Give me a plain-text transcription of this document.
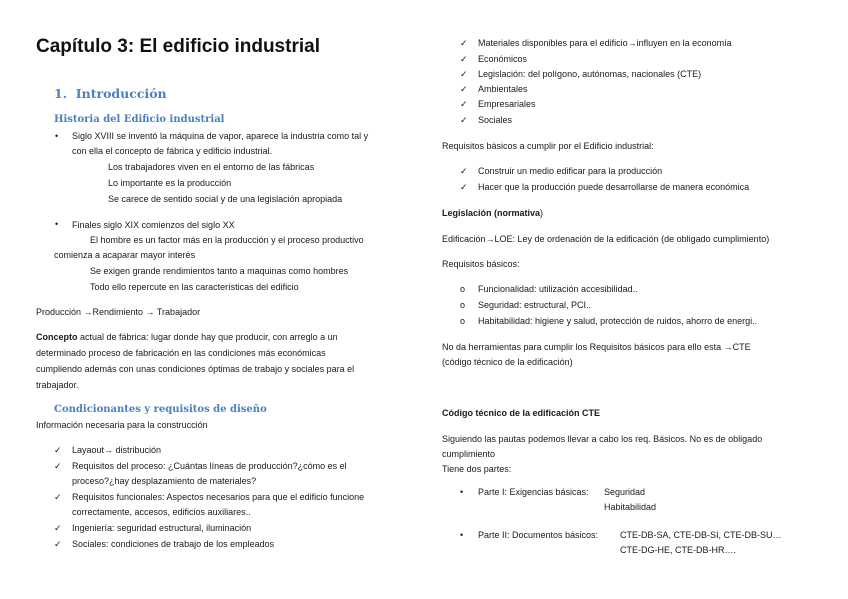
Capítulo 3: El edificio industrial
1. Introducción
Historia del Edificio industrial
• Siglo XVIII se inventó la máquina de vapor, aparece la industria como tal y
con ella el concepto de fábrica y edificio industrial.
Los trabajadores viven en el entorno de las fábricas
Lo importante es la producción
Se carece de sentido social y de una legislación apropiada
• Finales siglo XIX comienzos del siglo XX
El hombre es un factor más en la producción y el proceso productivo
comienza a acaparar mayor interés
Se exigen grande rendimientos tanto a maquinas como hombres
Todo ello repercute en las características del edificio
Producción →Rendimiento → Trabajador
Concepto actual de fábrica: lugar donde hay que producir, con arreglo a un
determinado proceso de fabricación en las condiciones más económicas
cumpliendo además con unas condiciones óptimas de trabajo y sociales para el
trabajador.
Condicionantes y requisitos de diseño
Información necesaria para la construcción
✓ Layaout→ distribución
✓ Requisitos del proceso: ¿Cuántas líneas de producción?¿cómo es el
proceso?¿hay desplazamiento de materiales?
✓ Requisitos funcionales: Aspectos necesarios para que el edificio funcione
correctamente, accesos, edificios auxiliares..
✓ Ingeniería: seguridad estructural, iluminación
✓ Sociales: condiciones de trabajo de los empleados
✓ Materiales disponibles para el edificio→influyen en la economía
✓ Económicos
✓ Legislación: del polígono, autónomas, nacionales (CTE)
✓ Ambientales
✓ Empresariales
✓ Sociales
Requisitos básicos a cumplir por el Edificio industrial:
✓ Construir un medio edificar para la producción
✓ Hacer que la producción puede desarrollarse de manera económica
Legislación (normativa)
Edificación→LOE: Ley de ordenación de la edificación (de obligado cumplimiento)
Requisitos básicos:
o Funcionalidad: utilización accesibilidad..
o Seguridad: estructural, PCI..
o Habitabilidad: higiene y salud, protección de ruidos, ahorro de energi..
No da herramientas para cumplir los Requisitos básicos para ello esta →CTE
(código técnico de la edificación)
Código técnico de la edificación CTE
Siguiendo las pautas podemos llevar a cabo los req. Básicos. No es de obligado
cumplimiento
Tiene dos partes:
• Parte I: Exigencias básicas: Seguridad
Habitabilidad
• Parte II: Documentos básicos: CTE-DB-SA, CTE-DB-SI, CTE-DB-SU…
CTE-DG-HE, CTE-DB-HR….
